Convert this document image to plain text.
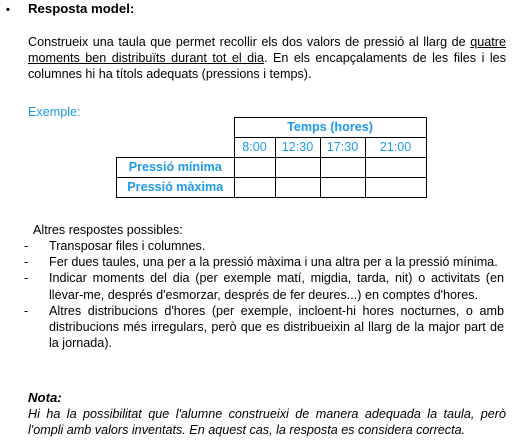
• Resposta model:
Construeix una taula que permet recollir els dos valors de pressió al llarg de quatre moments ben distribuïts durant tot el dia. En els encapçalaments de les files i les columnes hi ha títols adequats (pressions i temps).
Exemple:
	Temps (hores)			
	8:00	12:30	17:30	21:00
Pressió mínima				
Pressió màxima				
Altres respostes possibles:
- Transposar files i columnes.
- Fer dues taules, una per a la pressió màxima i una altra per a la pressió mínima.
- Indicar moments del dia (per exemple matí, migdia, tarda, nit) o activitats (en llevar-me, després d'esmorzar, després de fer deures...) en comptes d'hores.
- Altres distribucions d'hores (per exemple, incloent-hi hores nocturnes, o amb distribucions més irregulars, però que es distribueixin al llarg de la major part de la jornada).
Nota:
Hi ha la possibilitat que l'alumne construeixi de manera adequada la taula, però l'ompli amb valors inventats. En aquest cas, la resposta es considera correcta.
